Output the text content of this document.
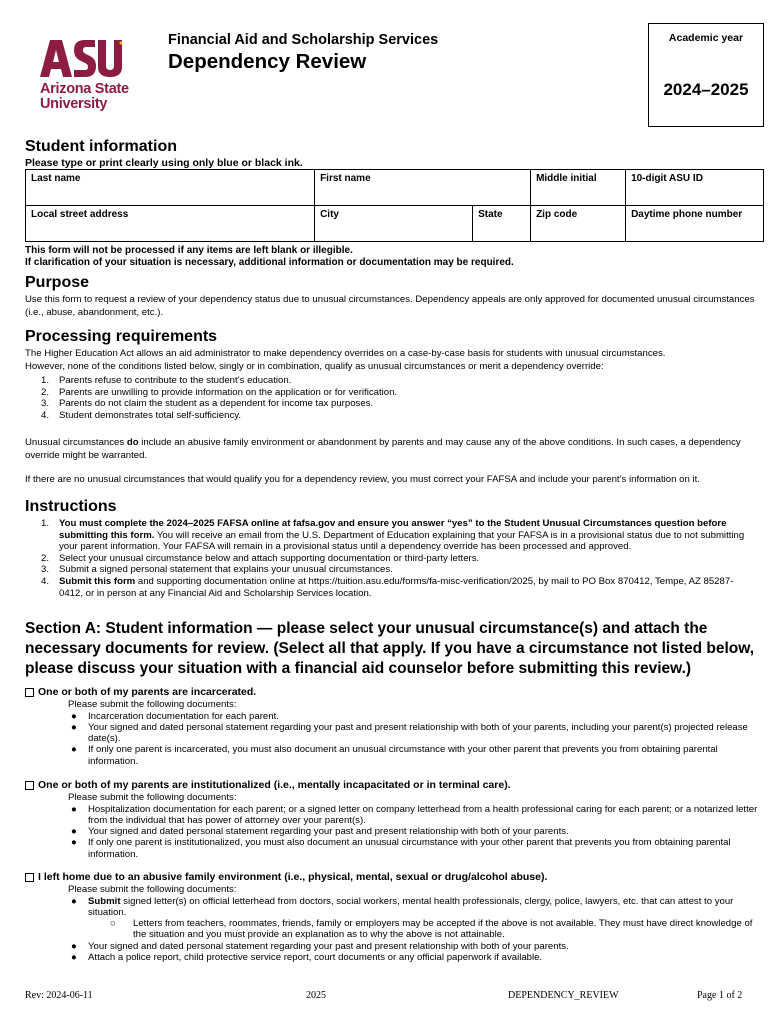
Arizona State
University
Financial Aid and Scholarship Services
Dependency Review
Academic year
2024–2025
Student information
Please type or print clearly using only blue or black ink.
Last name	First name		Middle initial	10-digit ASU ID
Local street address	City	State	Zip code	Daytime phone number
This form will not be processed if any items are left blank or illegible.
If clarification of your situation is necessary, additional information or documentation may be required.
Purpose
Use this form to request a review of your dependency status due to unusual circumstances. Dependency appeals are only approved for documented unusual circumstances (i.e., abuse, abandonment, etc.).
Processing requirements
The Higher Education Act allows an aid administrator to make dependency overrides on a case-by-case basis for students with unusual circumstances.
However, none of the conditions listed below, singly or in combination, qualify as unusual circumstances or merit a dependency override:
1.	Parents refuse to contribute to the student’s education.
2.	Parents are unwilling to provide information on the application or for verification.
3.	Parents do not claim the student as a dependent for income tax purposes.
4.	Student demonstrates total self-sufficiency.
Unusual circumstances do include an abusive family environment or abandonment by parents and may cause any of the above conditions. In such cases, a dependency override might be warranted.
If there are no unusual circumstances that would qualify you for a dependency review, you must correct your FAFSA and include your parent’s information on it.
Instructions
1.	You must complete the 2024–2025 FAFSA online at fafsa.gov and ensure you answer “yes” to the Student Unusual Circumstances question before submitting this form. You will receive an email from the U.S. Department of Education explaining that your FAFSA is in a provisional status due to not submitting your parent information. Your FAFSA will remain in a provisional status until a dependency override has been processed and approved.
2.	Select your unusual circumstance below and attach supporting documentation or third-party letters.
3.	Submit a signed personal statement that explains your unusual circumstances.
4.	Submit this form and supporting documentation online at https://tuition.asu.edu/forms/fa-misc-verification/2025, by mail to PO Box 870412, Tempe, AZ 85287-0412, or in person at any Financial Aid and Scholarship Services location.
Section A: Student information — please select your unusual circumstance(s) and attach the necessary documents for review. (Select all that apply. If you have a circumstance not listed below, please discuss your situation with a financial aid counselor before submitting this review.)
One or both of my parents are incarcerated.
Please submit the following documents:
●	Incarceration documentation for each parent.
●	Your signed and dated personal statement regarding your past and present relationship with both of your parents, including your parent(s) projected release date(s).
●	If only one parent is incarcerated, you must also document an unusual circumstance with your other parent that prevents you from obtaining parental information.
One or both of my parents are institutionalized (i.e., mentally incapacitated or in terminal care).
Please submit the following documents:
●	Hospitalization documentation for each parent; or a signed letter on company letterhead from a health professional caring for each parent; or a notarized letter from the individual that has power of attorney over your parent(s).
●	Your signed and dated personal statement regarding your past and present relationship with both of your parents.
●	If only one parent is institutionalized, you must also document an unusual circumstance with your other parent that prevents you from obtaining parental information.
I left home due to an abusive family environment (i.e., physical, mental, sexual or drug/alcohol abuse).
Please submit the following documents:
●	Submit signed letter(s) on official letterhead from doctors, social workers, mental health professionals, clergy, police, lawyers, etc. that can attest to your situation.
○	Letters from teachers, roommates, friends, family or employers may be accepted if the above is not available. They must have direct knowledge of the situation and you must provide an explanation as to why the above is not attainable.
●	Your signed and dated personal statement regarding your past and present relationship with both of your parents.
●	Attach a police report, child protective service report, court documents or any official paperwork if available.
Rev: 2024-06-11	2025	DEPENDENCY_REVIEW	Page 1 of 2
